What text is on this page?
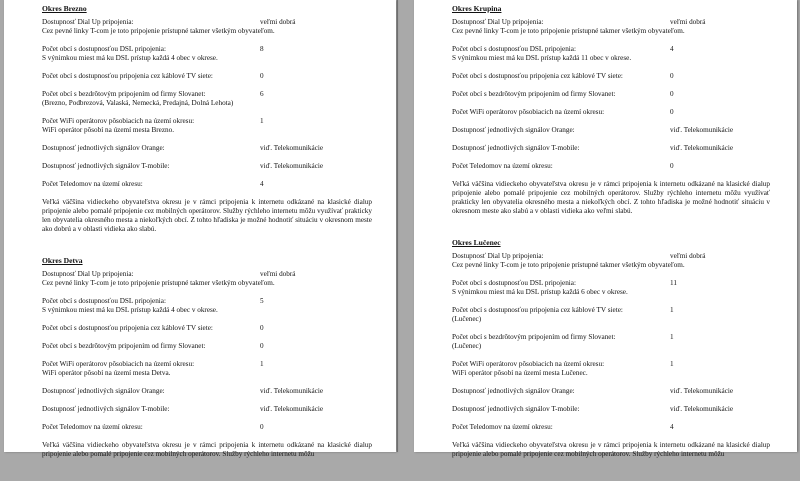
Okres Brezno
Dostupnosť Dial Up pripojenia:	veľmi dobrá
Cez pevné linky T-com je toto pripojenie prístupné takmer všetkým obyvateľom.
Počet obcí s dostupnosťou DSL pripojenia:	8
S výnimkou miest má ku DSL prístup každá 4 obec v okrese.
Počet obcí s dostupnosťou pripojenia cez káblové TV siete:	0
Počet obcí s bezdrôtovým pripojením od firmy Slovanet:	6
(Brezno, Podbrezová, Valaská, Nemecká, Predajná, Dolná Lehota)
Počet WiFi operátorov pôsobiacich na území okresu:	1
WiFi operátor pôsobí na území mesta Brezno.
Dostupnosť jednotlivých signálov Orange:	viď. Telekomunikácie
Dostupnosť jednotlivých signálov T-mobile:	viď. Telekomunikácie
Počet Teledomov na území okresu:	4
Veľká väčšina vidieckeho obyvateľstva okresu je v rámci pripojenia k internetu odkázané na klasické dialup pripojenie alebo pomalé pripojenie cez mobilných operátorov. Služby rýchleho internetu môžu využívať prakticky len obyvatelia okresného mesta a niekoľkých obcí. Z tohto hľadiska je možné hodnotiť situáciu v okresnom meste ako dobrú a v oblasti vidieka ako slabú.
Okres Detva
Dostupnosť Dial Up pripojenia:	veľmi dobrá
Cez pevné linky T-com je toto pripojenie prístupné takmer všetkým obyvateľom.
Počet obcí s dostupnosťou DSL pripojenia:	5
S výnimkou miest má ku DSL prístup každá 4 obec v okrese.
Počet obcí s dostupnosťou pripojenia cez káblové TV siete:	0
Počet obcí s bezdrôtovým pripojením od firmy Slovanet:	0
Počet WiFi operátorov pôsobiacich na území okresu:	1
WiFi operátor pôsobí na území mesta Detva.
Dostupnosť jednotlivých signálov Orange:	viď. Telekomunikácie
Dostupnosť jednotlivých signálov T-mobile:	viď. Telekomunikácie
Počet Teledomov na území okresu:	0
Veľká väčšina vidieckeho obyvateľstva okresu je v rámci pripojenia k internetu odkázané na klasické dialup pripojenie alebo pomalé pripojenie cez mobilných operátorov. Služby rýchleho internetu môžu
Okres Krupina
Dostupnosť Dial Up pripojenia:	veľmi dobrá
Cez pevné linky T-com je toto pripojenie prístupné takmer všetkým obyvateľom.
Počet obcí s dostupnosťou DSL pripojenia:	4
S výnimkou miest má ku DSL prístup každá 11 obec v okrese.
Počet obcí s dostupnosťou pripojenia cez káblové TV siete:	0
Počet obcí s bezdrôtovým pripojením od firmy Slovanet:	0
Počet WiFi operátorov pôsobiacich na území okresu:	0
Dostupnosť jednotlivých signálov Orange:	viď. Telekomunikácie
Dostupnosť jednotlivých signálov T-mobile:	viď. Telekomunikácie
Počet Teledomov na území okresu:	0
Veľká väčšina vidieckeho obyvateľstva okresu je v rámci pripojenia k internetu odkázané na klasické dialup pripojenie alebo pomalé pripojenie cez mobilných operátorov. Služby rýchleho internetu môžu využívať prakticky len obyvatelia okresného mesta a niekoľkých obcí. Z tohto hľadiska je možné hodnotiť situáciu v okresnom meste ako slabú a v oblasti vidieka ako veľmi slabú.
Okres Lučenec
Dostupnosť Dial Up pripojenia:	veľmi dobrá
Cez pevné linky T-com je toto pripojenie prístupné takmer všetkým obyvateľom.
Počet obcí s dostupnosťou DSL pripojenia:	11
S výnimkou miest má ku DSL prístup každá 6 obec v okrese.
Počet obcí s dostupnosťou pripojenia cez káblové TV siete:	1
(Lučenec)
Počet obcí s bezdrôtovým pripojením od firmy Slovanet:	1
(Lučenec)
Počet WiFi operátorov pôsobiacich na území okresu:	1
WiFi operátor pôsobí na území mesta Lučenec.
Dostupnosť jednotlivých signálov Orange:	viď. Telekomunikácie
Dostupnosť jednotlivých signálov T-mobile:	viď. Telekomunikácie
Počet Teledomov na území okresu:	4
Veľká väčšina vidieckeho obyvateľstva okresu je v rámci pripojenia k internetu odkázané na klasické dialup pripojenie alebo pomalé pripojenie cez mobilných operátorov. Služby rýchleho internetu môžu
